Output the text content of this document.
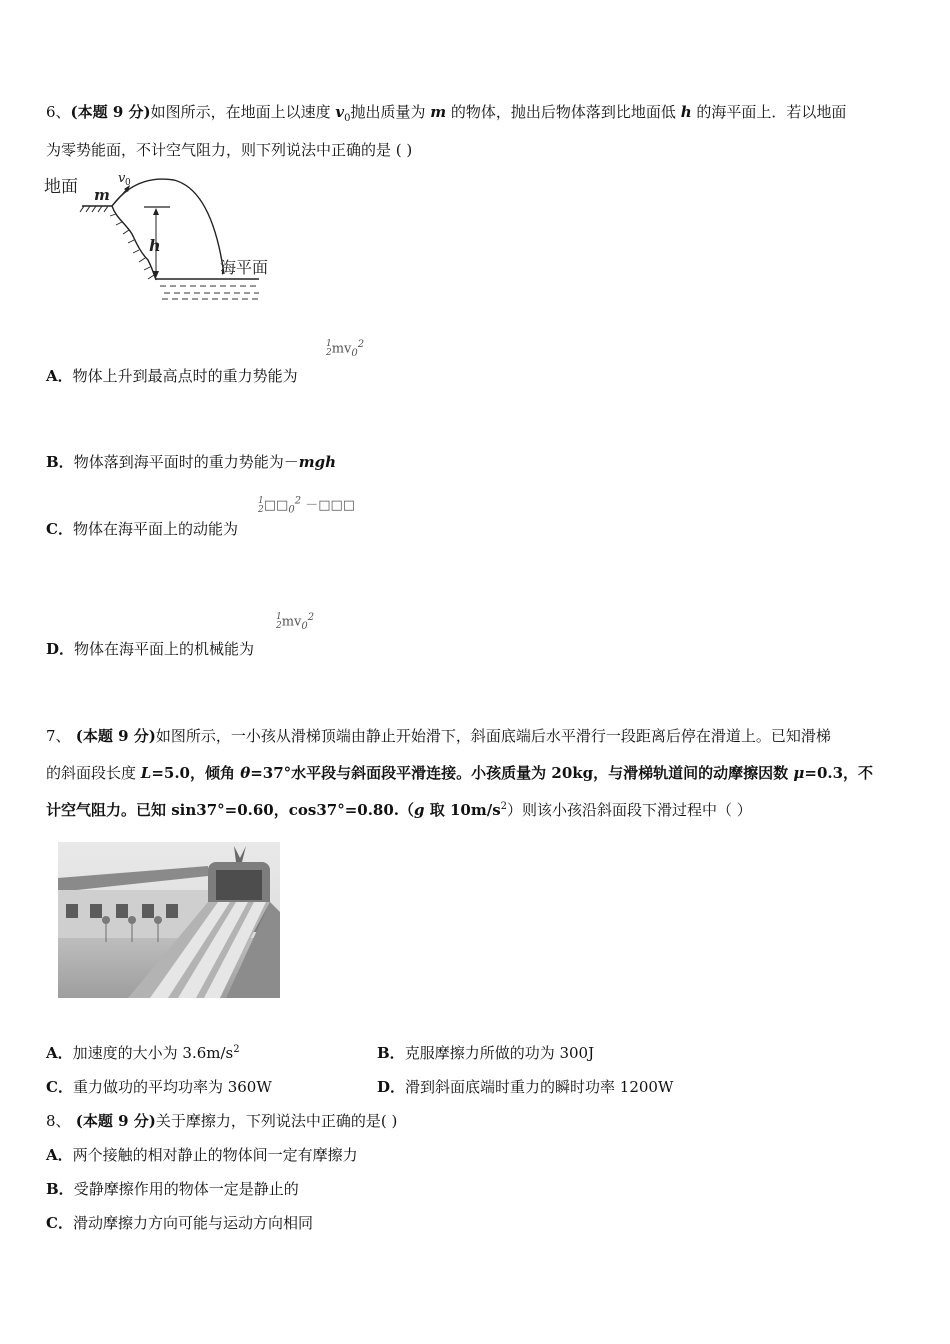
6、(本题 9 分)如图所示，在地面上以速度 $v_0$抛出质量为 m 的物体，抛出后物体落到比地面低 h 的海平面上．若以地面
为零势能面，不计空气阻力，则下列说法中正确的是 ( )
地面 m
v 0
h
海平面
A．物体上升到最高点时的重力势能为
1
2 $mv_0^2$
B．物体落到海平面时的重力势能为－mgh
C．物体在海平面上的动能为
1
2 $□□_0^2$ －□□□
D．物体在海平面上的机械能为
1
2 $mv_0^2$
7、 (本题 9 分)如图所示，一小孩从滑梯顶端由静止开始滑下，斜面底端后水平滑行一段距离后停在滑道上。已知滑梯
的斜面段长度 L=5.0，倾角 θ=37°水平段与斜面段平滑连接。小孩质量为 20kg，与滑梯轨道间的动摩擦因数 μ=0.3，不
计空气阻力。已知 sin37°=0.60，cos37°=0.80.（g 取 $10m/s^2$）则该小孩沿斜面段下滑过程中（ ）
A．加速度的大小为 $3.6m/s^2$	B．克服摩擦力所做的功为 300J
C．重力做功的平均功率为 360W	D．滑到斜面底端时重力的瞬时功率 1200W
8、 (本题 9 分)关于摩擦力，下列说法中正确的是( )
A．两个接触的相对静止的物体间一定有摩擦力
B．受静摩擦作用的物体一定是静止的
C．滑动摩擦力方向可能与运动方向相同
